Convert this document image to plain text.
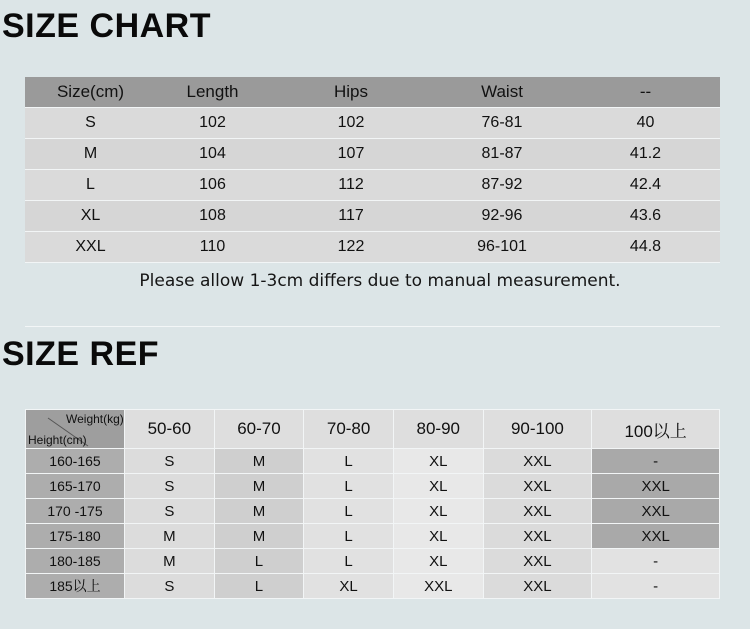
SIZE CHART
Size(cm)	Length	Hips	Waist	--
S	102	102	76-81	40
M	104	107	81-87	41.2
L	106	112	87-92	42.4
XL	108	117	92-96	43.6
XXL	110	122	96-101	44.8
Please allow 1-3cm differs due to manual measurement.
SIZE REF
Weight(kg)
Height(cm)	50-60	60-70	70-80	80-90	90-100	100以上
160-165	S	M	L	XL	XXL	-
165-170	S	M	L	XL	XXL	XXL
170 -175	S	M	L	XL	XXL	XXL
175-180	M	M	L	XL	XXL	XXL
180-185	M	L	L	XL	XXL	-
185以上	S	L	XL	XXL	XXL	-
